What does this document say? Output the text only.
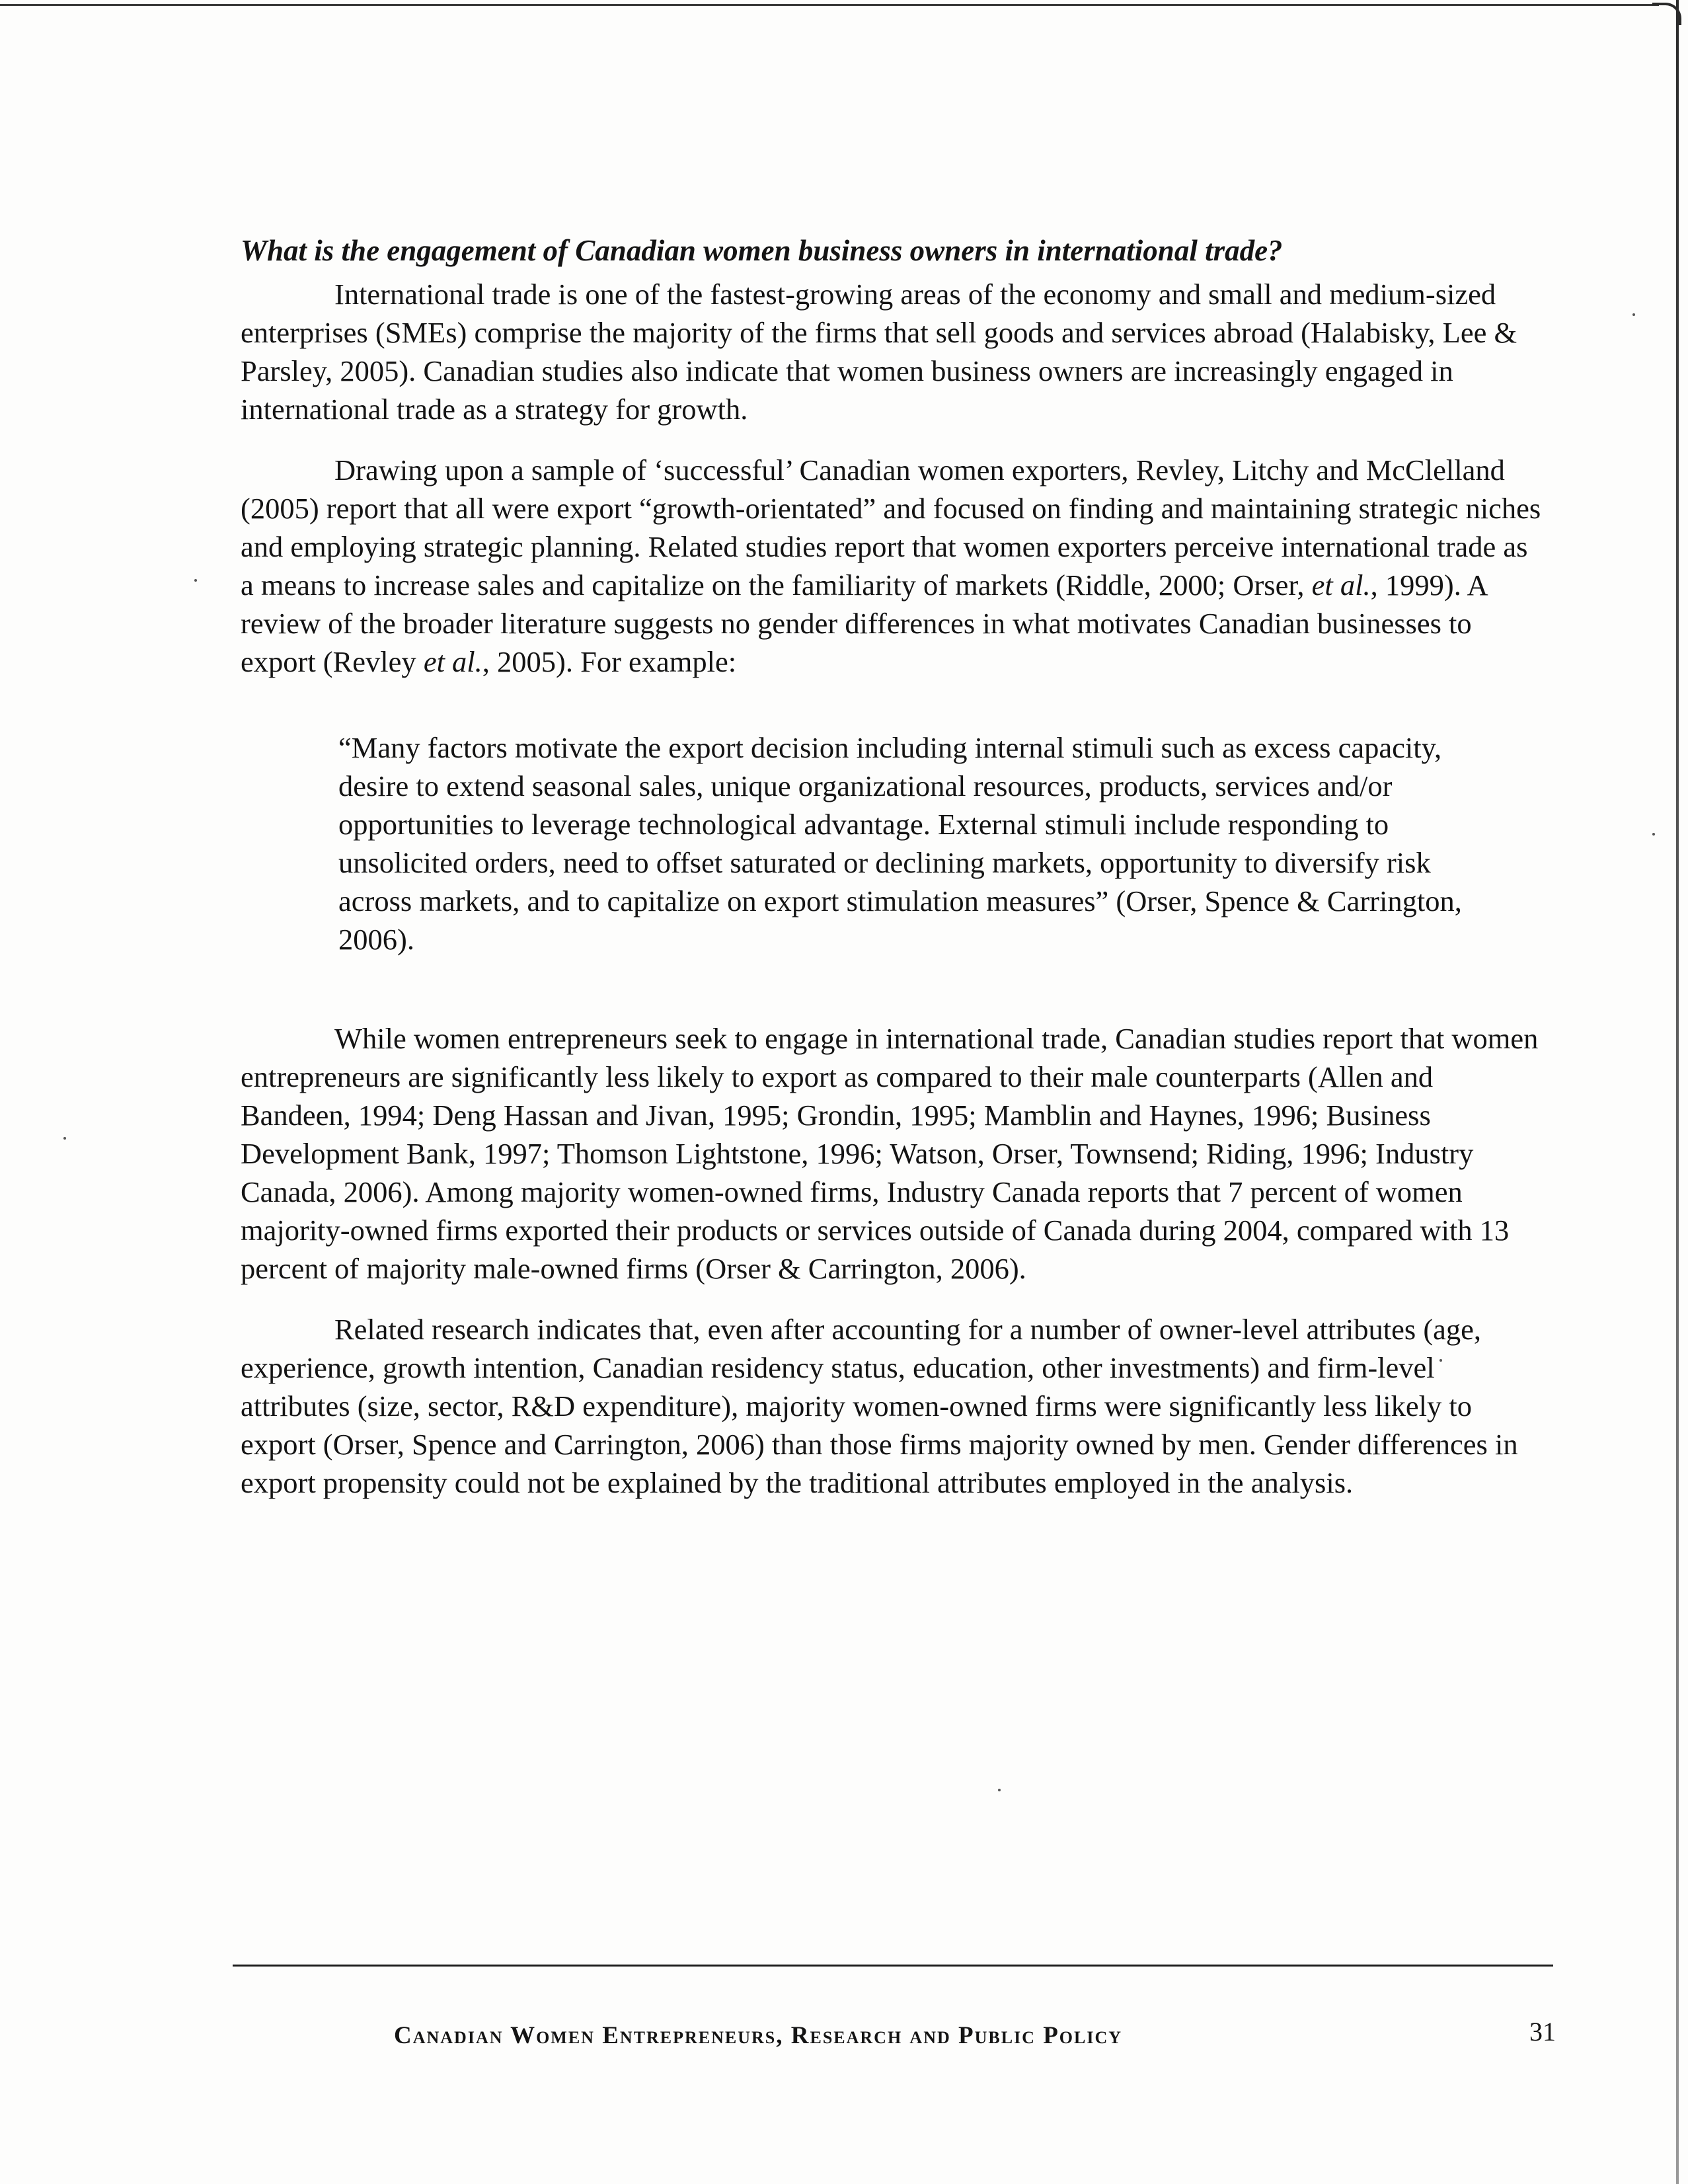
What is the engagement of Canadian women business owners in international trade?

International trade is one of the fastest-growing areas of the economy and small and medium-sized enterprises (SMEs) comprise the majority of the firms that sell goods and services abroad (Halabisky, Lee & Parsley, 2005). Canadian studies also indicate that women business owners are increasingly engaged in international trade as a strategy for growth.

Drawing upon a sample of ‘successful’ Canadian women exporters, Revley, Litchy and McClelland (2005) report that all were export “growth-orientated” and focused on finding and maintaining strategic niches and employing strategic planning. Related studies report that women exporters perceive international trade as a means to increase sales and capitalize on the familiarity of markets (Riddle, 2000; Orser, et al., 1999). A review of the broader literature suggests no gender differences in what motivates Canadian businesses to export (Revley et al., 2005). For example:

“Many factors motivate the export decision including internal stimuli such as excess capacity, desire to extend seasonal sales, unique organizational resources, products, services and/or opportunities to leverage technological advantage. External stimuli include responding to unsolicited orders, need to offset saturated or declining markets, opportunity to diversify risk across markets, and to capitalize on export stimulation measures” (Orser, Spence & Carrington, 2006).

While women entrepreneurs seek to engage in international trade, Canadian studies report that women entrepreneurs are significantly less likely to export as compared to their male counterparts (Allen and Bandeen, 1994; Deng Hassan and Jivan, 1995; Grondin, 1995; Mamblin and Haynes, 1996; Business Development Bank, 1997; Thomson Lightstone, 1996; Watson, Orser, Townsend; Riding, 1996; Industry Canada, 2006). Among majority women-owned firms, Industry Canada reports that 7 percent of women majority-owned firms exported their products or services outside of Canada during 2004, compared with 13 percent of majority male-owned firms (Orser & Carrington, 2006).

Related research indicates that, even after accounting for a number of owner-level attributes (age, experience, growth intention, Canadian residency status, education, other investments) and firm-level attributes (size, sector, R&D expenditure), majority women-owned firms were significantly less likely to export (Orser, Spence and Carrington, 2006) than those firms majority owned by men. Gender differences in export propensity could not be explained by the traditional attributes employed in the analysis.

Canadian Women Entrepreneurs, Research and Public Policy	31
